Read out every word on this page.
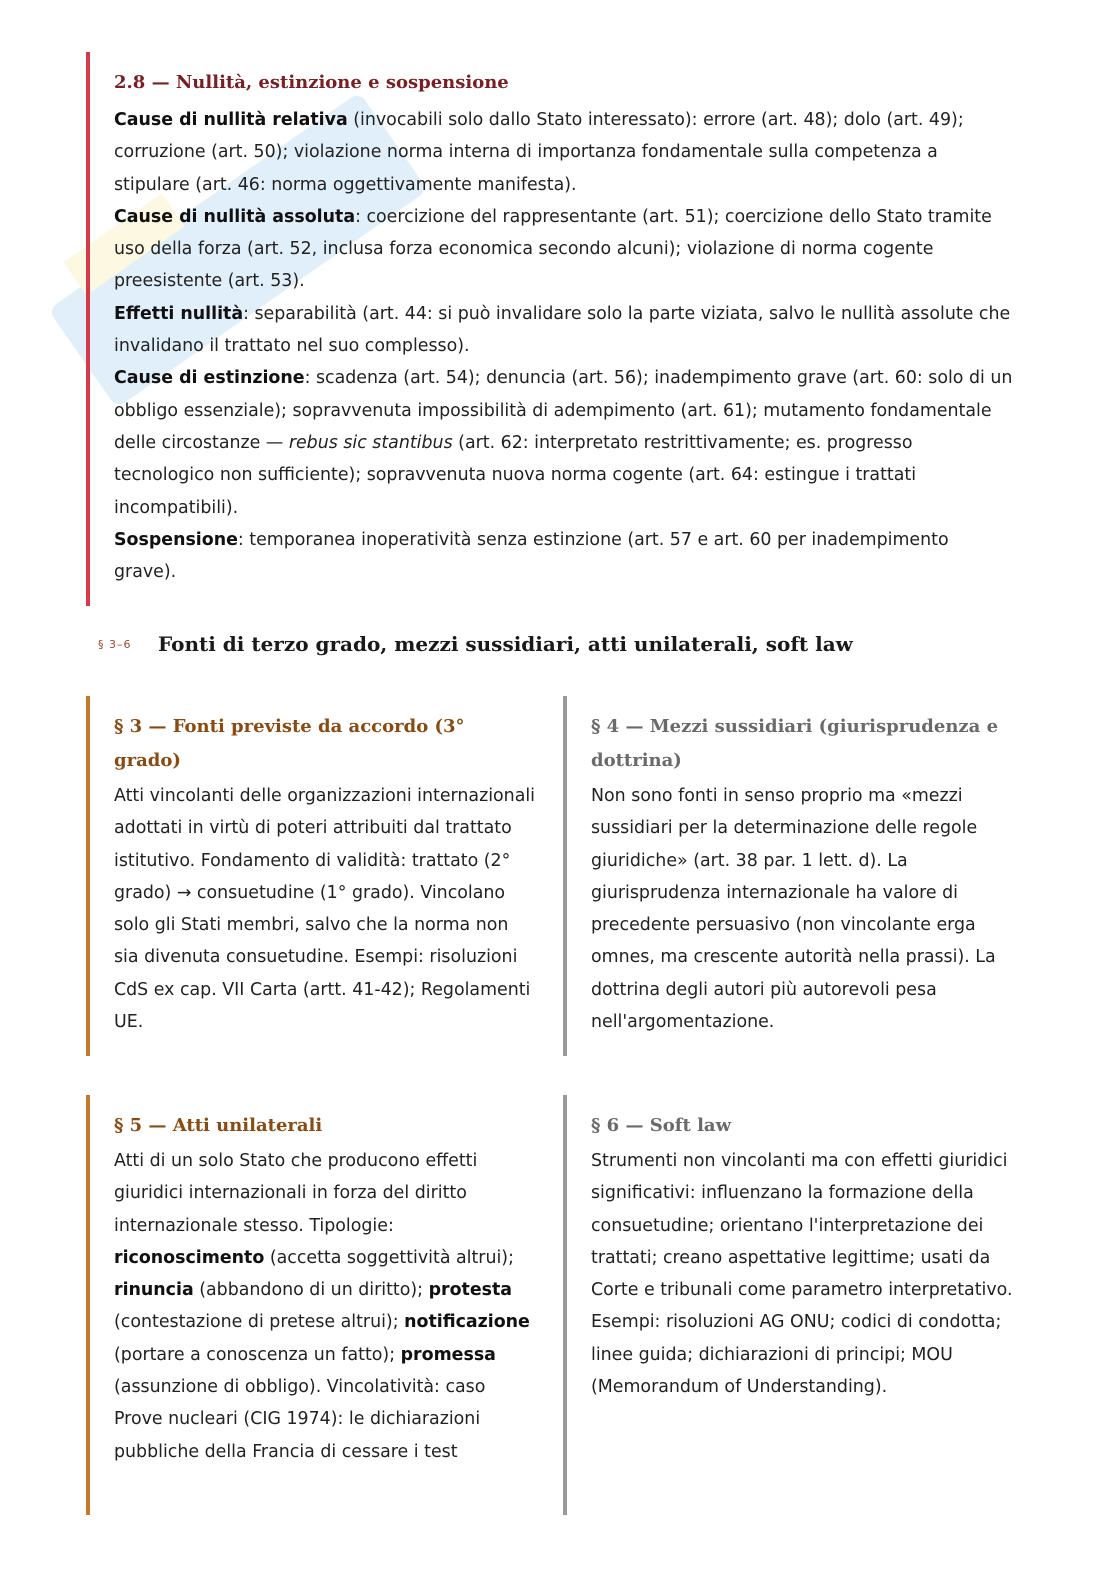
2.8 — Nullità, estinzione e sospensione

Cause di nullità relativa (invocabili solo dallo Stato interessato): errore (art. 48); dolo (art. 49); corruzione (art. 50); violazione norma interna di importanza fondamentale sulla competenza a stipulare (art. 46: norma oggettivamente manifesta).

Cause di nullità assoluta: coercizione del rappresentante (art. 51); coercizione dello Stato tramite uso della forza (art. 52, inclusa forza economica secondo alcuni); violazione di norma cogente preesistente (art. 53).

Effetti nullità: separabilità (art. 44: si può invalidare solo la parte viziata, salvo le nullità assolute che invalidano il trattato nel suo complesso).

Cause di estinzione: scadenza (art. 54); denuncia (art. 56); inadempimento grave (art. 60: solo di un obbligo essenziale); sopravvenuta impossibilità di adempimento (art. 61); mutamento fondamentale delle circostanze — rebus sic stantibus (art. 62: interpretato restrittivamente; es. progresso tecnologico non sufficiente); sopravvenuta nuova norma cogente (art. 64: estingue i trattati incompatibili).

Sospensione: temporanea inoperatività senza estinzione (art. 57 e art. 60 per inadempimento grave).

§ 3–6	Fonti di terzo grado, mezzi sussidiari, atti unilaterali, soft law
§ 3 — Fonti previste da accordo (3° grado)

Atti vincolanti delle organizzazioni internazionali adottati in virtù di poteri attribuiti dal trattato istitutivo. Fondamento di validità: trattato (2° grado) → consuetudine (1° grado). Vincolano solo gli Stati membri, salvo che la norma non sia divenuta consuetudine. Esempi: risoluzioni CdS ex cap. VII Carta (artt. 41-42); Regolamenti UE.

§ 4 — Mezzi sussidiari (giurisprudenza e dottrina)

Non sono fonti in senso proprio ma «mezzi sussidiari per la determinazione delle regole giuridiche» (art. 38 par. 1 lett. d). La giurisprudenza internazionale ha valore di precedente persuasivo (non vincolante erga omnes, ma crescente autorità nella prassi). La dottrina degli autori più autorevoli pesa nell'argomentazione.

§ 5 — Atti unilaterali

Atti di un solo Stato che producono effetti giuridici internazionali in forza del diritto internazionale stesso. Tipologie: riconoscimento (accetta soggettività altrui); rinuncia (abbandono di un diritto); protesta (contestazione di pretese altrui); notificazione (portare a conoscenza un fatto); promessa (assunzione di obbligo). Vincolatività: caso Prove nucleari (CIG 1974): le dichiarazioni pubbliche della Francia di cessare i test

§ 6 — Soft law

Strumenti non vincolanti ma con effetti giuridici significativi: influenzano la formazione della consuetudine; orientano l'interpretazione dei trattati; creano aspettative legittime; usati da Corte e tribunali come parametro interpretativo. Esempi: risoluzioni AG ONU; codici di condotta; linee guida; dichiarazioni di principi; MOU (Memorandum of Understanding).
